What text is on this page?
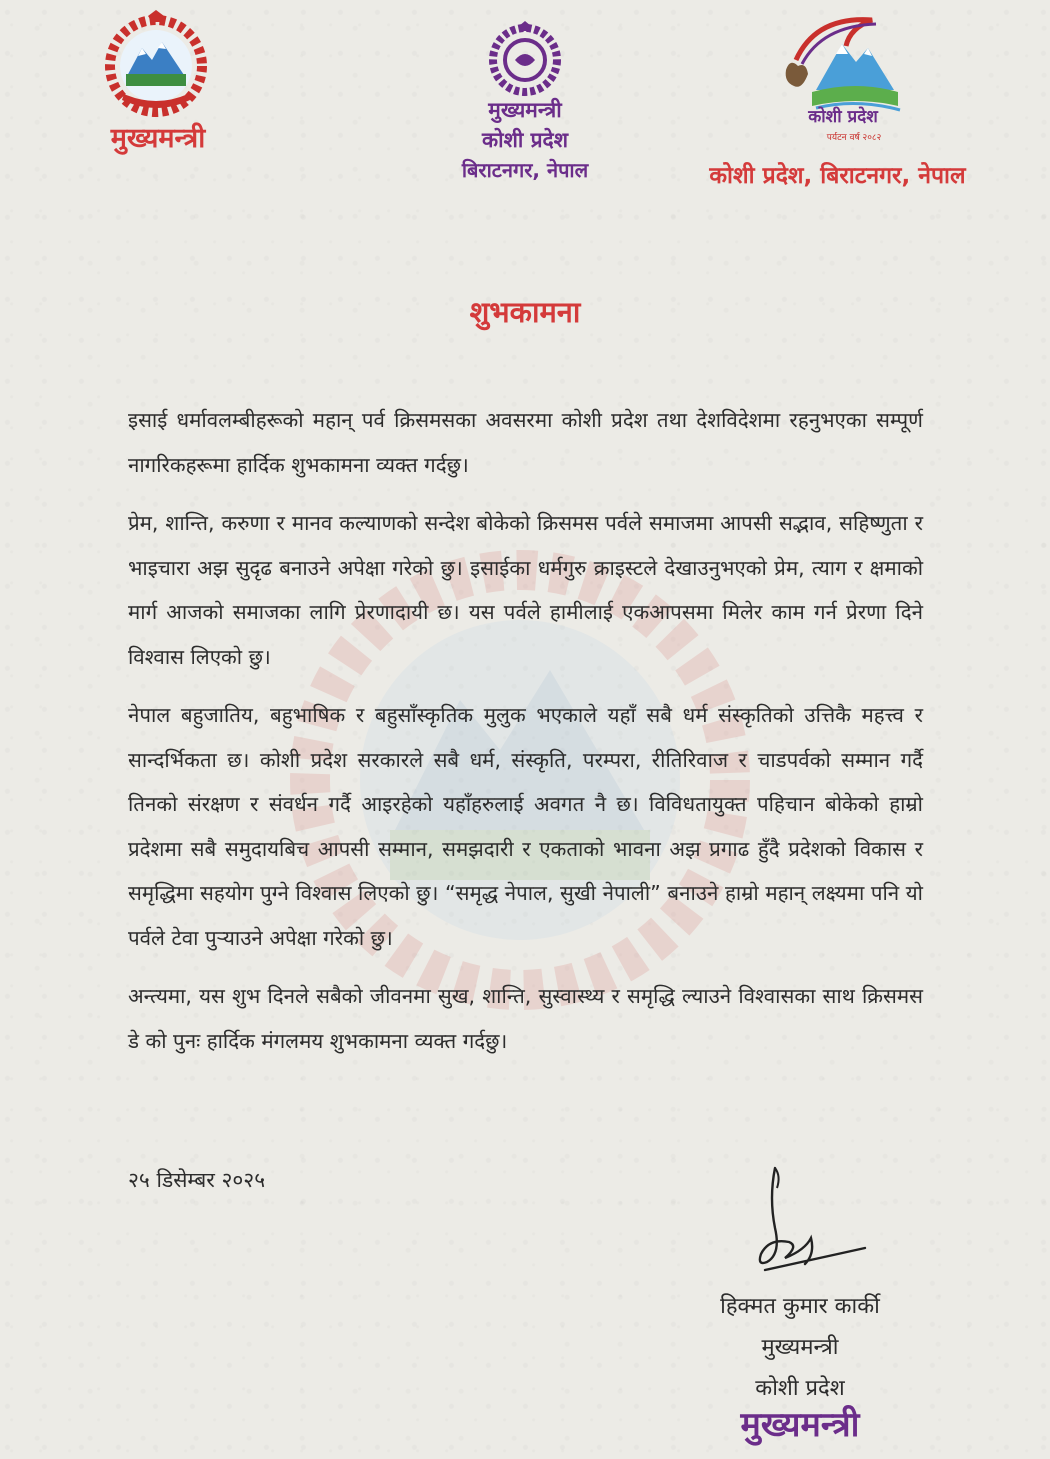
मुख्यमन्त्री
मुख्यमन्त्री
कोशी प्रदेश
बिराटनगर, नेपाल
कोशी प्रदेश
पर्यटन वर्ष २०८२
कोशी प्रदेश, बिराटनगर, नेपाल
शुभकामना

इसाई धर्मावलम्बीहरूको महान् पर्व क्रिसमसका अवसरमा कोशी प्रदेश तथा देशविदेशमा रहनुभएका सम्पूर्ण नागरिकहरूमा हार्दिक शुभकामना व्यक्त गर्दछु।

प्रेम, शान्ति, करुणा र मानव कल्याणको सन्देश बोकेको क्रिसमस पर्वले समाजमा आपसी सद्भाव, सहिष्णुता र भाइचारा अझ सुदृढ बनाउने अपेक्षा गरेको छु। इसाईका धर्मगुरु क्राइस्टले देखाउनुभएको प्रेम, त्याग र क्षमाको मार्ग आजको समाजका लागि प्रेरणादायी छ। यस पर्वले हामीलाई एकआपसमा मिलेर काम गर्न प्रेरणा दिने विश्वास लिएको छु।

नेपाल बहुजातिय, बहुभाषिक र बहुसाँस्कृतिक मुलुक भएकाले यहाँ सबै धर्म संस्कृतिको उत्तिकै महत्त्व र सान्दर्भिकता छ। कोशी प्रदेश सरकारले सबै धर्म, संस्कृति, परम्परा, रीतिरिवाज र चाडपर्वको सम्मान गर्दै तिनको संरक्षण र संवर्धन गर्दै आइरहेको यहाँहरुलाई अवगत नै छ। विविधतायुक्त पहिचान बोकेको हाम्रो प्रदेशमा सबै समुदायबिच आपसी सम्मान, समझदारी र एकताको भावना अझ प्रगाढ हुँदै प्रदेशको विकास र समृद्धिमा सहयोग पुग्ने विश्वास लिएको छु। “समृद्ध नेपाल, सुखी नेपाली” बनाउने हाम्रो महान् लक्ष्यमा पनि यो पर्वले टेवा पुऱ्याउने अपेक्षा गरेको छु।

अन्त्यमा, यस शुभ दिनले सबैको जीवनमा सुख, शान्ति, सुस्वास्थ्य र समृद्धि ल्याउने विश्वासका साथ क्रिसमस डे को पुनः हार्दिक मंगलमय शुभकामना व्यक्त गर्दछु।

२५ डिसेम्बर २०२५
हिक्मत कुमार कार्की
मुख्यमन्त्री
कोशी प्रदेश
मुख्यमन्त्री
